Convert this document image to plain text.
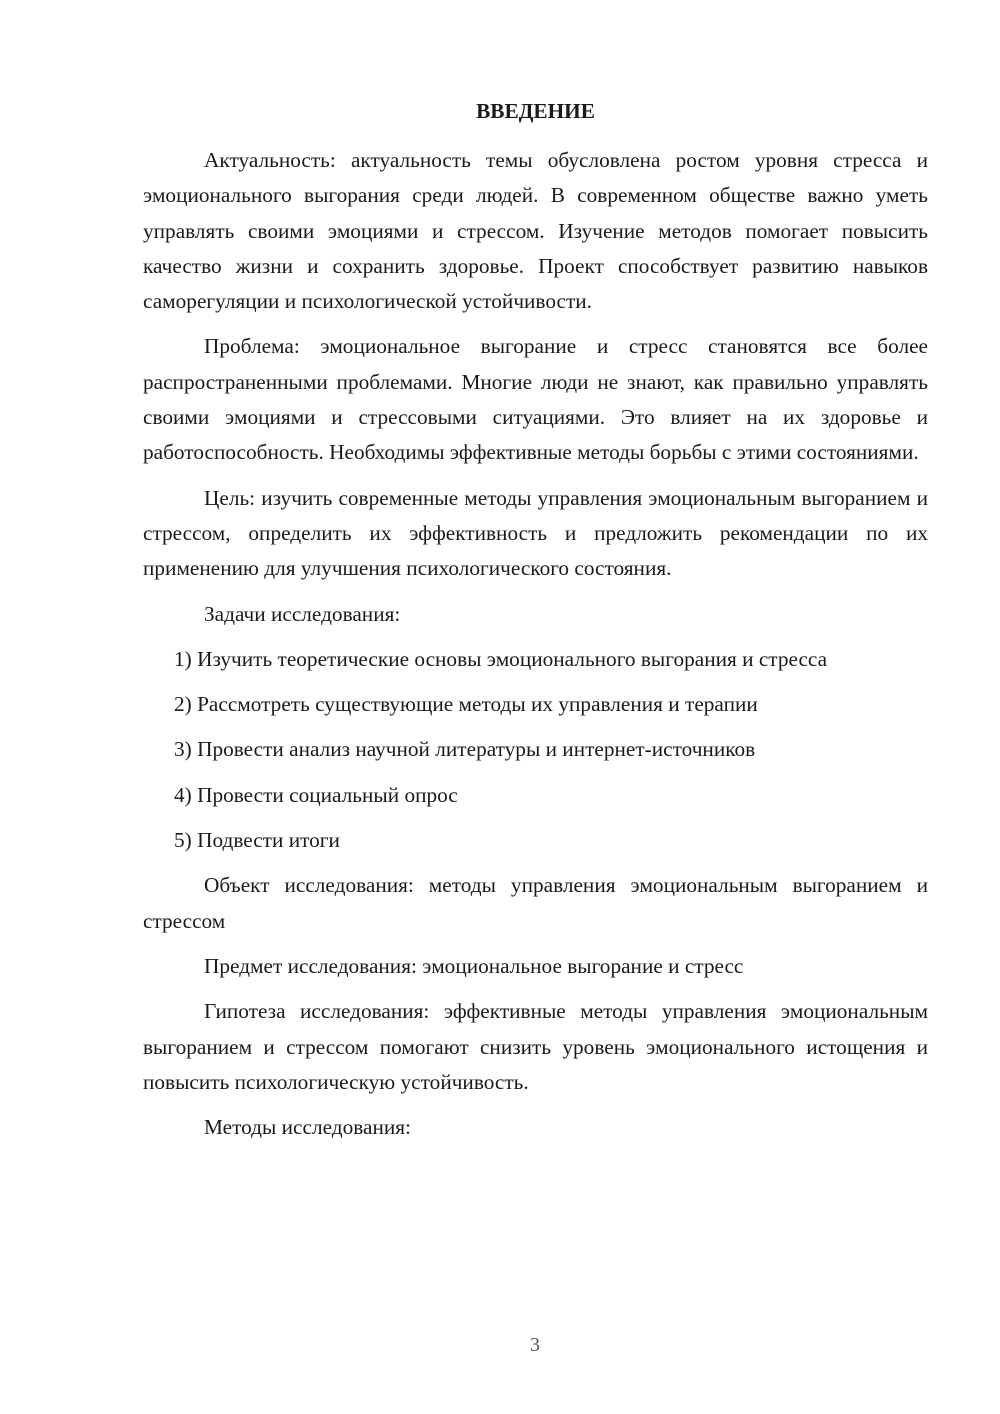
ВВЕДЕНИЕ

Актуальность: актуальность темы обусловлена ростом уровня стресса и эмоционального выгорания среди людей. В современном обществе важно уметь управлять своими эмоциями и стрессом. Изучение методов помогает повысить качество жизни и сохранить здоровье. Проект способствует развитию навыков саморегуляции и психологической устойчивости.

Проблема: эмоциональное выгорание и стресс становятся все более распространенными проблемами. Многие люди не знают, как правильно управлять своими эмоциями и стрессовыми ситуациями. Это влияет на их здоровье и работоспособность. Необходимы эффективные методы борьбы с этими состояниями.

Цель: изучить современные методы управления эмоциональным выгоранием и стрессом, определить их эффективность и предложить рекомендации по их применению для улучшения психологического состояния.

Задачи исследования:

1) Изучить теоретические основы эмоционального выгорания и стресса

2) Рассмотреть существующие методы их управления и терапии

3) Провести анализ научной литературы и интернет-источников

4) Провести социальный опрос

5) Подвести итоги

Объект исследования: методы управления эмоциональным выгоранием и стрессом

Предмет исследования: эмоциональное выгорание и стресс

Гипотеза исследования: эффективные методы управления эмоциональным выгоранием и стрессом помогают снизить уровень эмоционального истощения и повысить психологическую устойчивость.

Методы исследования:

3
